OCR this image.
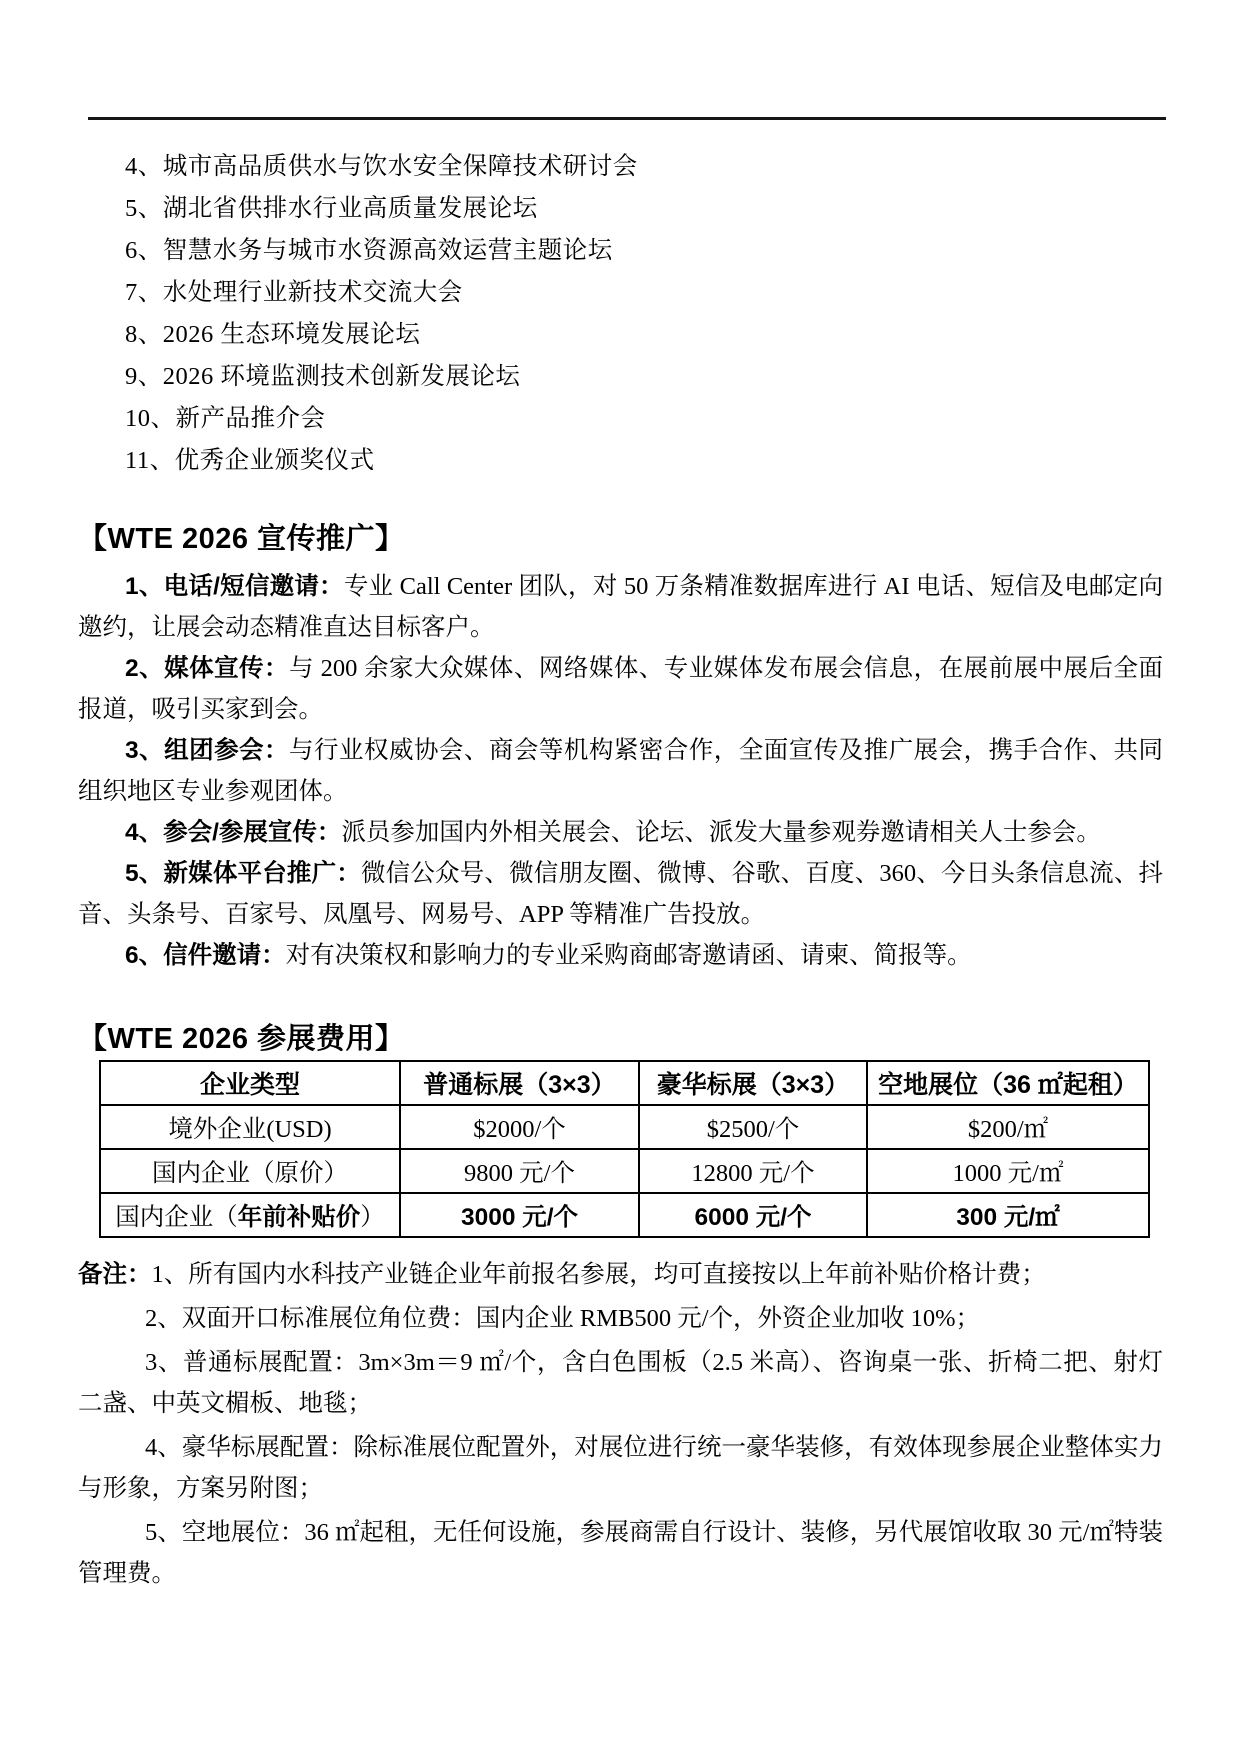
4、城市高品质供水与饮水安全保障技术研讨会
5、湖北省供排水行业高质量发展论坛
6、智慧水务与城市水资源高效运营主题论坛
7、水处理行业新技术交流大会
8、2026 生态环境发展论坛
9、2026 环境监测技术创新发展论坛
10、新产品推介会
11、优秀企业颁奖仪式
【WTE 2026 宣传推广】

1、电话/短信邀请：专业 Call Center 团队，对 50 万条精准数据库进行 AI 电话、短信及电邮定向邀约，让展会动态精准直达目标客户。

2、媒体宣传：与 200 余家大众媒体、网络媒体、专业媒体发布展会信息，在展前展中展后全面报道，吸引买家到会。

3、组团参会：与行业权威协会、商会等机构紧密合作，全面宣传及推广展会，携手合作、共同组织地区专业参观团体。

4、参会/参展宣传：派员参加国内外相关展会、论坛、派发大量参观券邀请相关人士参会。

5、新媒体平台推广：微信公众号、微信朋友圈、微博、谷歌、百度、360、今日头条信息流、抖音、头条号、百家号、凤凰号、网易号、APP 等精准广告投放。

6、信件邀请：对有决策权和影响力的专业采购商邮寄邀请函、请柬、简报等。

【WTE 2026 参展费用】
企业类型	普通标展（3×3）	豪华标展（3×3）	空地展位（36 ㎡起租）
境外企业(USD)	$2000/个	$2500/个	$200/㎡
国内企业（原价）	9800 元/个	12800 元/个	1000 元/㎡
国内企业（年前补贴价）	3000 元/个	6000 元/个	300 元/㎡

备注：1、所有国内水科技产业链企业年前报名参展，均可直接按以上年前补贴价格计费；

2、双面开口标准展位角位费：国内企业 RMB500 元/个，外资企业加收 10%；

3、普通标展配置：3m×3m＝9 ㎡/个，含白色围板（2.5 米高）、咨询桌一张、折椅二把、射灯二盏、中英文楣板、地毯；

4、豪华标展配置：除标准展位配置外，对展位进行统一豪华装修，有效体现参展企业整体实力与形象，方案另附图；

5、空地展位：36 ㎡起租，无任何设施，参展商需自行设计、装修，另代展馆收取 30 元/㎡特装管理费。
